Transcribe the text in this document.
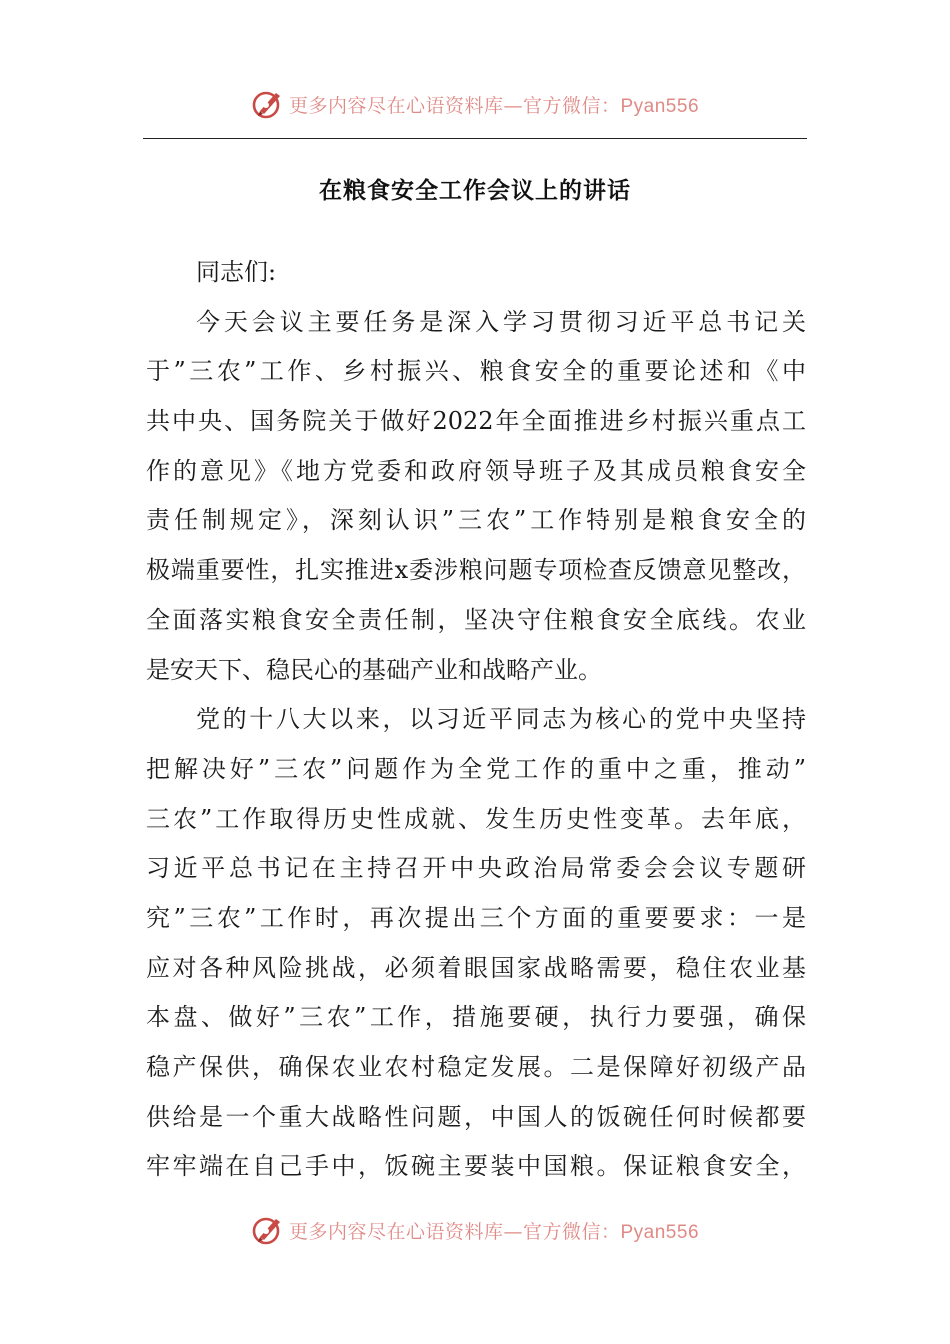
更多内容尽在心语资料库—官方微信：Pyan556
在粮食安全工作会议上的讲话
同志们:
今天会议主要任务是深入学习贯彻习近平总书记关
于”三农”工作、乡村振兴、粮食安全的重要论述和《中
共中央、国务院关于做好2022年全面推进乡村振兴重点工
作的意见》《地方党委和政府领导班子及其成员粮食安全
责任制规定》，深刻认识”三农”工作特别是粮食安全的
极端重要性，扎实推进x委涉粮问题专项检查反馈意见整改，
全面落实粮食安全责任制，坚决守住粮食安全底线。农业
是安天下、稳民心的基础产业和战略产业。
党的十八大以来，以习近平同志为核心的党中央坚持
把解决好”三农”问题作为全党工作的重中之重，推动”
三农”工作取得历史性成就、发生历史性变革。去年底，
习近平总书记在主持召开中央政治局常委会会议专题研
究”三农”工作时，再次提出三个方面的重要要求：一是
应对各种风险挑战，必须着眼国家战略需要，稳住农业基
本盘、做好”三农”工作，措施要硬，执行力要强，确保
稳产保供，确保农业农村稳定发展。二是保障好初级产品
供给是一个重大战略性问题，中国人的饭碗任何时候都要
牢牢端在自己手中，饭碗主要装中国粮。保证粮食安全，
更多内容尽在心语资料库—官方微信：Pyan556
